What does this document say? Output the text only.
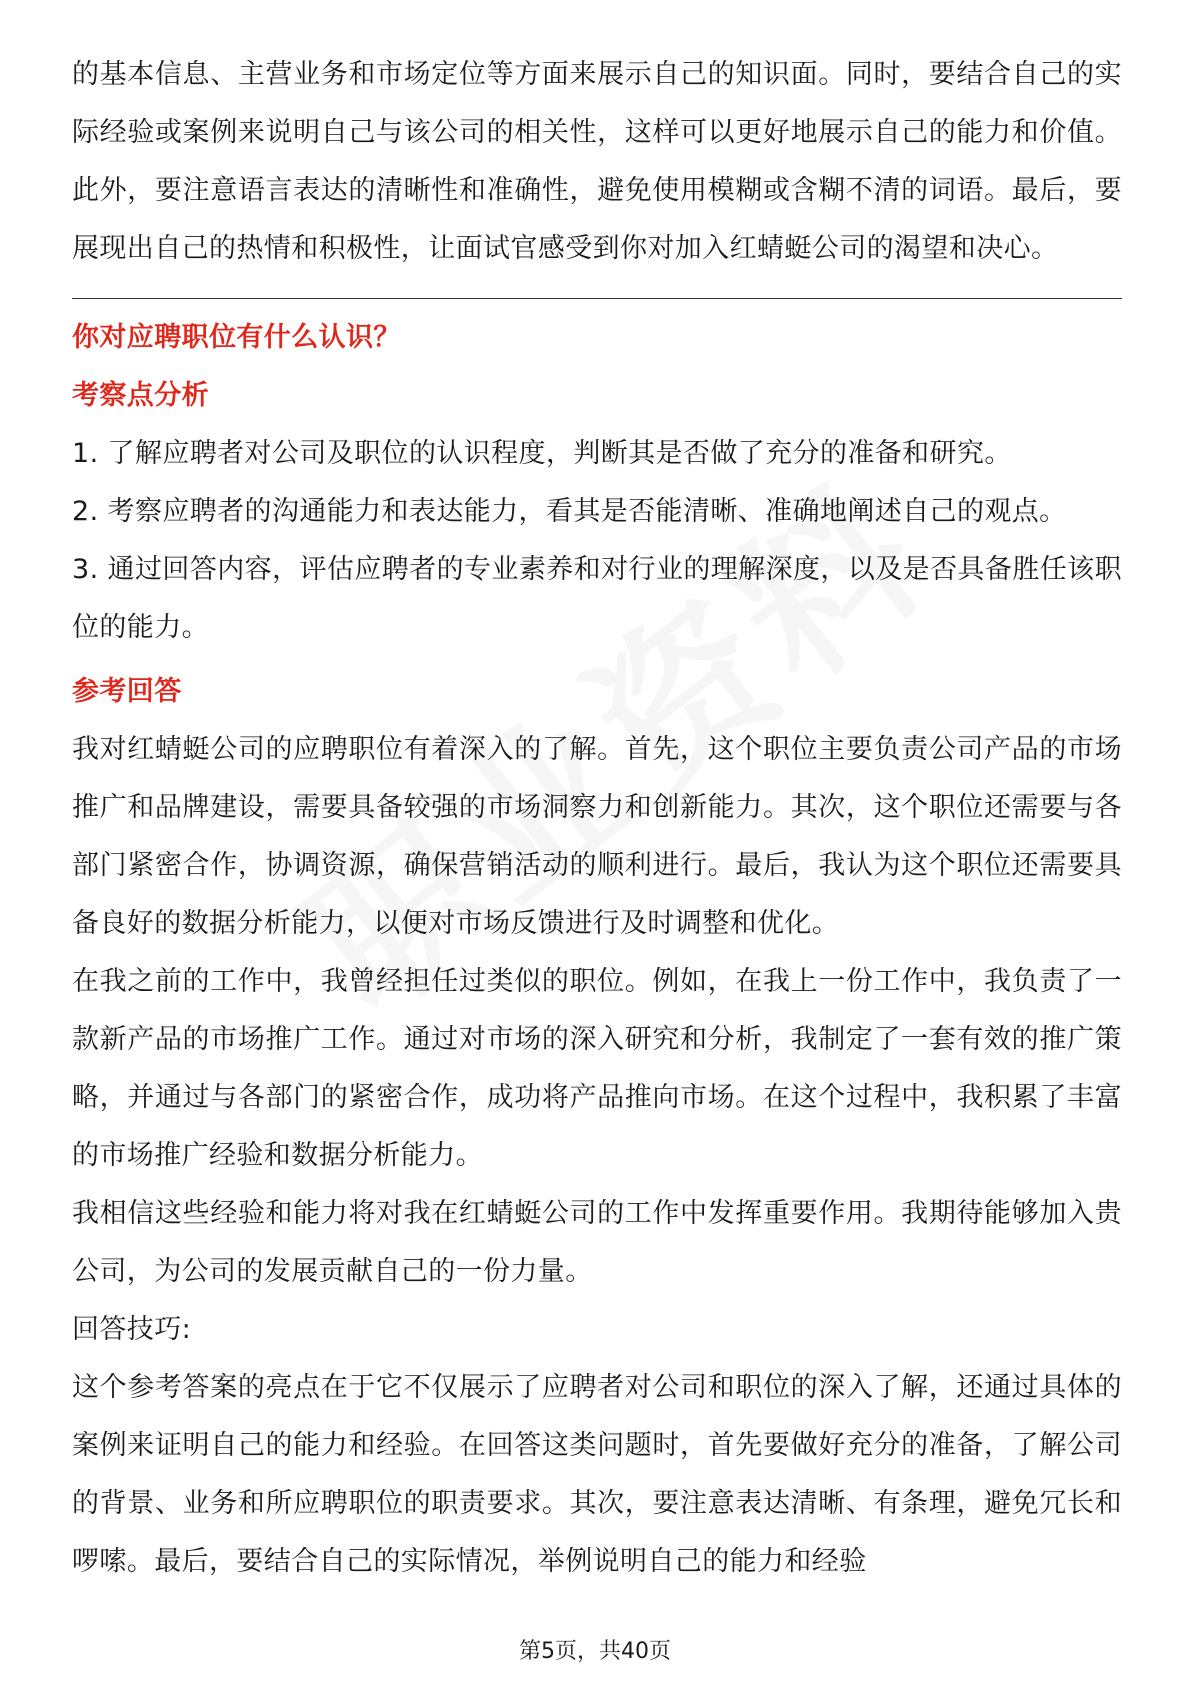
的基本信息、主营业务和市场定位等方面来展示自己的知识面。同时，要结合自己的实际经验或案例来说明自己与该公司的相关性，这样可以更好地展示自己的能力和价值。此外，要注意语言表达的清晰性和准确性，避免使用模糊或含糊不清的词语。最后，要展现出自己的热情和积极性，让面试官感受到你对加入红蜻蜓公司的渴望和决心。

你对应聘职位有什么认识？
考察点分析

1. 了解应聘者对公司及职位的认识程度，判断其是否做了充分的准备和研究。

2. 考察应聘者的沟通能力和表达能力，看其是否能清晰、准确地阐述自己的观点。

3. 通过回答内容，评估应聘者的专业素养和对行业的理解深度，以及是否具备胜任该职位的能力。

参考回答

我对红蜻蜓公司的应聘职位有着深入的了解。首先，这个职位主要负责公司产品的市场推广和品牌建设，需要具备较强的市场洞察力和创新能力。其次，这个职位还需要与各部门紧密合作，协调资源，确保营销活动的顺利进行。最后，我认为这个职位还需要具备良好的数据分析能力，以便对市场反馈进行及时调整和优化。

在我之前的工作中，我曾经担任过类似的职位。例如，在我上一份工作中，我负责了一款新产品的市场推广工作。通过对市场的深入研究和分析，我制定了一套有效的推广策略，并通过与各部门的紧密合作，成功将产品推向市场。在这个过程中，我积累了丰富的市场推广经验和数据分析能力。

我相信这些经验和能力将对我在红蜻蜓公司的工作中发挥重要作用。我期待能够加入贵公司，为公司的发展贡献自己的一份力量。

回答技巧:

这个参考答案的亮点在于它不仅展示了应聘者对公司和职位的深入了解，还通过具体的案例来证明自己的能力和经验。在回答这类问题时，首先要做好充分的准备，了解公司的背景、业务和所应聘职位的职责要求。其次，要注意表达清晰、有条理，避免冗长和啰嗦。最后，要结合自己的实际情况，举例说明自己的能力和经验

第5页，共40页
